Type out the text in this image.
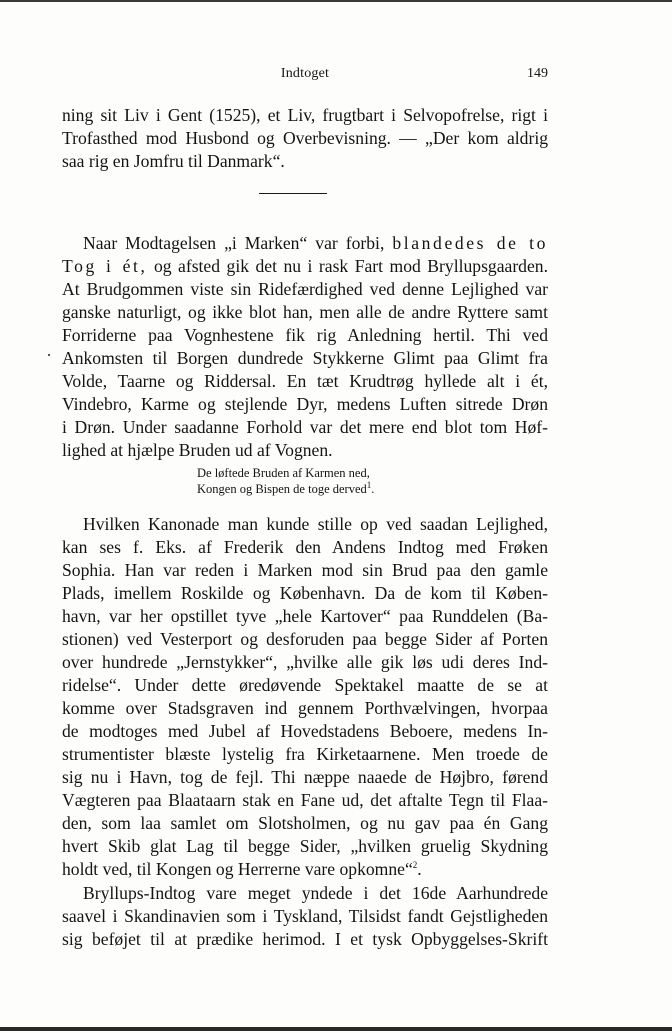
Indtoget	149
ning sit Liv i Gent (1525), et Liv, frugtbart i Selvopofrelse, rigt i
Trofasthed mod Husbond og Overbevisning. — „Der kom aldrig
saa rig en Jomfru til Danmark“.
Naar Modtagelsen „i Marken“ var forbi, blandedes de to
Tog i ét, og afsted gik det nu i rask Fart mod Bryllupsgaarden.
At Brudgommen viste sin Ridefærdighed ved denne Lejlighed var
ganske naturligt, og ikke blot han, men alle de andre Ryttere samt
Forriderne paa Vognhestene fik rig Anledning hertil. Thi ved
Ankomsten til Borgen dundrede Stykkerne Glimt paa Glimt fra
Volde, Taarne og Riddersal. En tæt Krudtrøg hyllede alt i ét,
Vindebro, Karme og stejlende Dyr, medens Luften sitrede Drøn
i Drøn. Under saadanne Forhold var det mere end blot tom Høf-
lighed at hjælpe Bruden ud af Vognen.
De løftede Bruden af Karmen ned,
Kongen og Bispen de toge derved$^1$.
Hvilken Kanonade man kunde stille op ved saadan Lejlighed,
kan ses f. Eks. af Frederik den Andens Indtog med Frøken
Sophia. Han var reden i Marken mod sin Brud paa den gamle
Plads, imellem Roskilde og København. Da de kom til Køben-
havn, var her opstillet tyve „hele Kartover“ paa Runddelen (Ba-
stionen) ved Vesterport og desforuden paa begge Sider af Porten
over hundrede „Jernstykker“, „hvilke alle gik løs udi deres Ind-
ridelse“. Under dette øredøvende Spektakel maatte de se at
komme over Stadsgraven ind gennem Porthvælvingen, hvorpaa
de modtoges med Jubel af Hovedstadens Beboere, medens In-
strumentister blæste lystelig fra Kirketaarnene. Men troede de
sig nu i Havn, tog de fejl. Thi næppe naaede de Højbro, førend
Vægteren paa Blaataarn stak en Fane ud, det aftalte Tegn til Flaa-
den, som laa samlet om Slotsholmen, og nu gav paa én Gang
hvert Skib glat Lag til begge Sider, „hvilken gruelig Skydning
holdt ved, til Kongen og Herrerne vare opkomne“$^2$.
Bryllups-Indtog vare meget yndede i det 16de Aarhundrede
saavel i Skandinavien som i Tyskland, Tilsidst fandt Gejstligheden
sig beføjet til at prædike herimod. I et tysk Opbyggelses-Skrift
